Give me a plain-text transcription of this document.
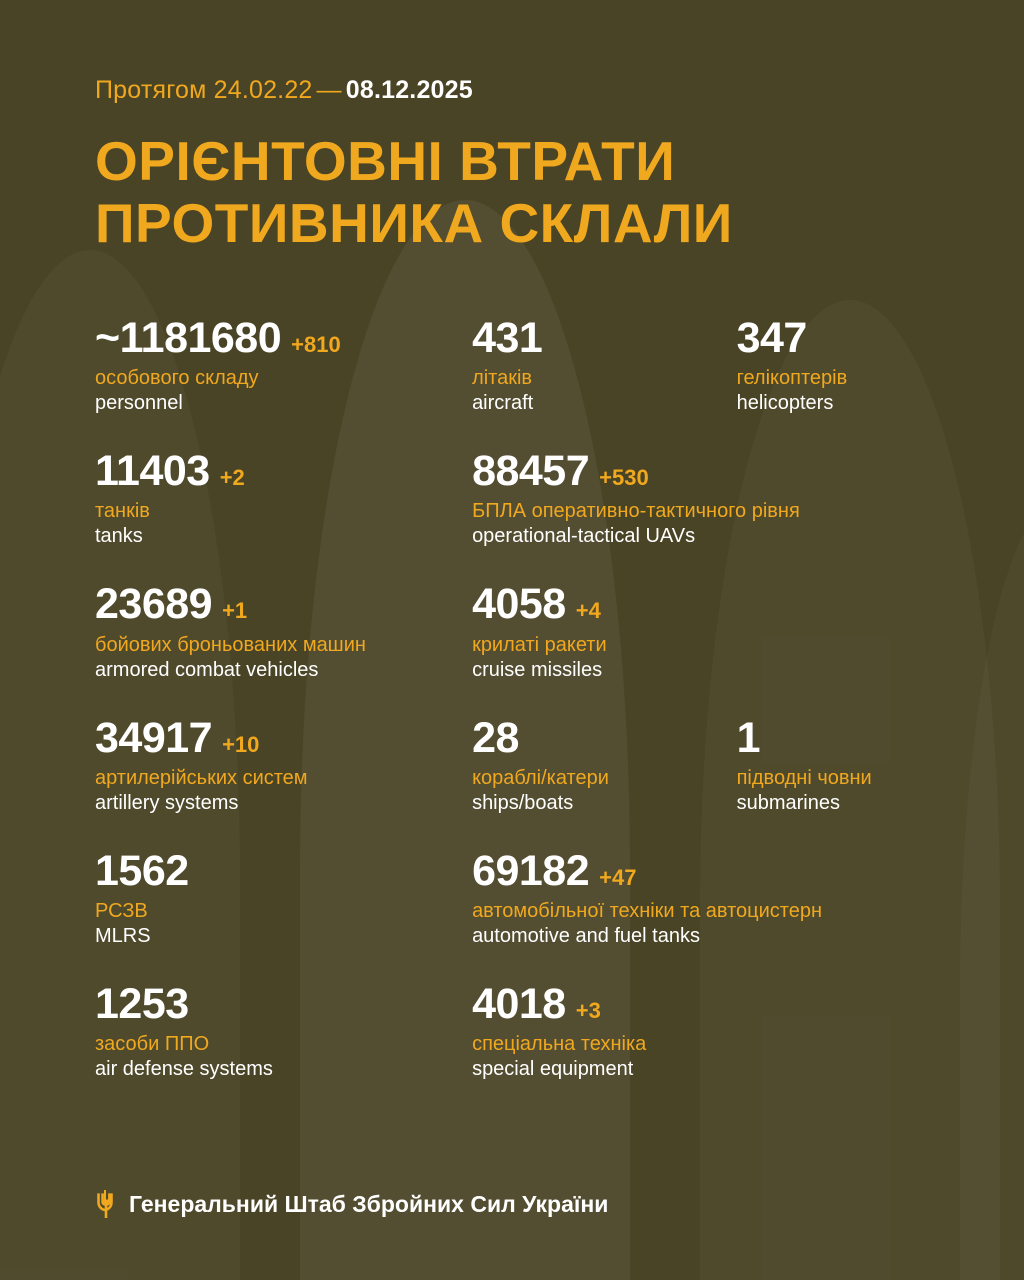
Протягом 24.02.22 — 08.12.2025
ОРІЄНТОВНІ ВТРАТИ
ПРОТИВНИКА СКЛАЛИ
~1181680 +810
особового складу
personnel
431
літаків
aircraft
347
гелікоптерів
helicopters
11403 +2
танків
tanks
88457 +530
БПЛА оперативно-тактичного рівня
operational-tactical UAVs
23689 +1
бойових броньованих машин
armored combat vehicles
4058 +4
крилаті ракети
cruise missiles
34917 +10
артилерійських систем
artillery systems
28
кораблі/катери
ships/boats
1
підводні човни
submarines
1562
РСЗВ
MLRS
69182 +47
автомобільної техніки та автоцистерн
automotive and fuel tanks
1253
засоби ППО
air defense systems
4018 +3
спеціальна техніка
special equipment
Генеральний Штаб Збройних Сил України
